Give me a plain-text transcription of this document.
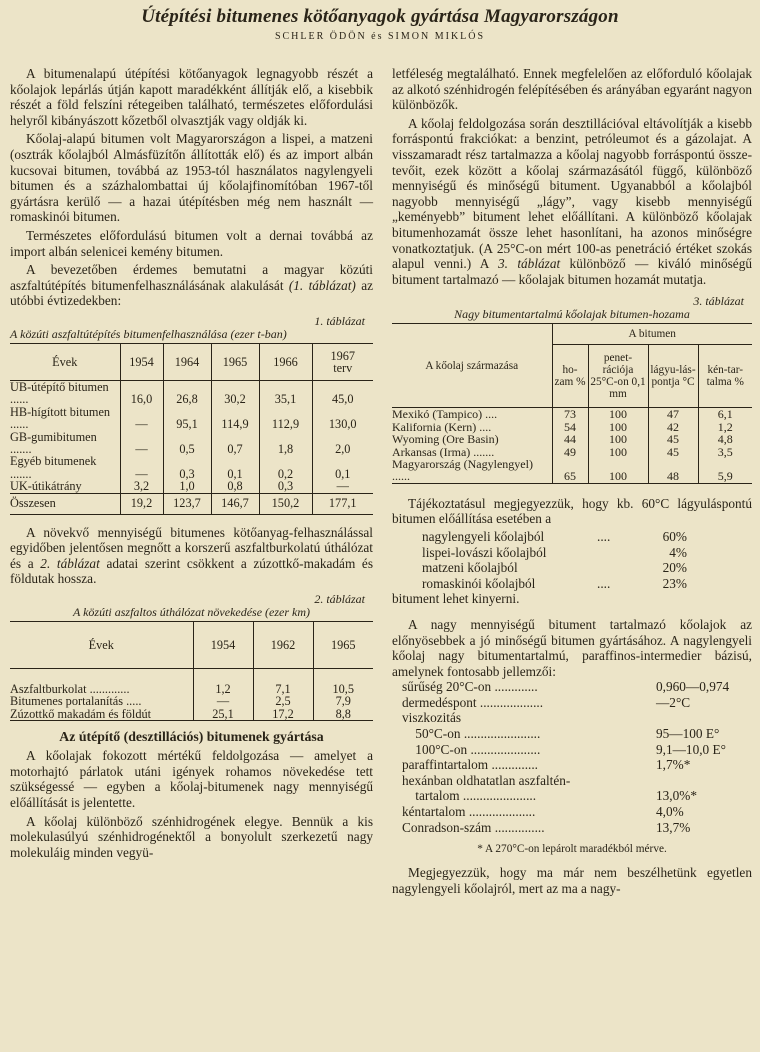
Útépítési bitumenes kötőanyagok gyártása Magyarországon
SCHLER ÖDÖN és SIMON MIKLÓS

A bitumenalapú útépítési kötőanyagok legnagyobb részét a kőolajok lepárlás útján kapott maradékként állítják elő, a kisebbik részét a föld felszíni rétegeiben található, természetes előfordulási helyről kibányászott kőzetből olvasztják vagy oldják ki.

Kőolaj-alapú bitumen volt Magyarországon a lispei, a matzeni (osztrák kőolajból Almásfüzítőn állították elő) és az import albán kucsovai bitumen, továbbá az 1953-tól használatos nagylengyeli bitumen és a százhalombattai új kőolajfinomítóban 1967-től gyártásra kerülő — a hazai útépítésben még nem használt — romaskinói bitumen.

Természetes előfordulású bitumen volt a dernai továbbá az import albán selenicei kemény bitumen.

A bevezetőben érdemes bemutatni a magyar közúti aszfaltútépítés bitumenfelhasználásának alakulását (1. táblázat) az utóbbi évtizedekben:

1. táblázat
A közúti aszfaltútépítés bitumenfelhasználása (ezer t-ban)
Évek	1954	1964	1965	1966	1967 terv
UB-útépítő bitumen ......	16,0	26,8	30,2	35,1	45,0
HB-hígított bitumen ......	—	95,1	114,9	112,9	130,0
GB-gumibitumen .......	—	0,5	0,7	1,8	2,0
Egyéb bitumenek .......	—	0,3	0,1	0,2	0,1
UK-útikátrány	3,2	1,0	0,8	0,3	—
Összesen	19,2	123,7	146,7	150,2	177,1

A növekvő mennyiségű bitumenes kötőanyag-felhasználással egyidőben jelentősen megnőtt a korszerű aszfaltburkolatú úthálózat és a 2. táblázat adatai szerint csökkent a zúzottkő-makadám és földutak hossza.

2. táblázat
A közúti aszfaltos úthálózat növekedése (ezer km)
Évek	1954	1962	1965
Aszfaltburkolat .............	1,2	7,1	10,5
Bitumenes portalanítás .....	—	2,5	7,9
Zúzottkő makadám és földút	25,1	17,2	8,8
Az útépítő (desztillációs) bitumenek gyártása

A kőolajak fokozott mértékű feldolgozása — amelyet a motorhajtó párlatok utáni igények rohamos növekedése tett szükségessé — egyben a kőolaj-bitumenek nagy mennyiségű előállítását is jelentette.

A kőolaj különböző szénhidrogének elegye. Bennük a kis molekulasúlyú szénhidrogénektől a bonyolult szerkezetű nagy molekuláig minden vegyü-

letféleség megtalálható. Ennek megfelelően az előforduló kőolajak az alkotó szénhidrogén felépítésében és arányában egyaránt nagyon különbözők.

A kőolaj feldolgozása során desztillációval eltávolítják a kisebb forráspontú frakciókat: a benzint, petróleumot és a gázolajat. A visszamaradt rész tartalmazza a kőolaj nagyobb forráspontú összetevőit, ezek között a kőolaj származásától függő, különböző mennyiségű és minőségű bitument. Ugyanabból a kőolajból nagyobb mennyiségű „lágy”, vagy kisebb mennyiségű „keményebb” bitument lehet előállítani. A különböző kőolajak bitumenhozamát össze lehet hasonlítani, ha azonos minőségre vonatkoztatjuk. (A 25°C-on mért 100-as penetráció értéket szokás alapul venni.) A 3. táblázat különböző — kiváló minőségű bitument tartalmazó — kőolajak bitumen hozamát mutatja.

3. táblázat
Nagy bitumentartalmú kőolajak bitumen-hozama
A kőolaj származása	A bitumen			
	ho-zam %	penet-rációja 25°C-on 0,1 mm	lágyu-lás-pontja °C	kén-tar-talma %
Mexikó (Tampico) ....	73	100	47	6,1
Kalifornia (Kern) ....	54	100	42	1,2
Wyoming (Ore Basin)	44	100	45	4,8
Arkansas (Irma) .......	49	100	45	3,5
Magyarország (Nagylengyel) ......	65	100	48	5,9

Tájékoztatásul megjegyezzük, hogy kb. 60°C lágyuláspontú bitumen előállítása esetében a

nagylengyeli kőolajból	....	60%
lispei-lovászi kőolajból		4%
matzeni kőolajból		20%
romaskinói kőolajból	....	23%

bitument lehet kinyerni.

A nagy mennyiségű bitument tartalmazó kőolajok az előnyösebbek a jó minőségű bitumen gyártásához. A nagylengyeli kőolaj nagy bitumentartalmú, paraffinos-intermedier bázisú, amelynek fontosabb jellemzői:

sűrűség 20°C-on .............	0,960—0,974
dermedéspont ...................	—2°C
viszkozitás	
50°C-on .......................	95—100 E°
100°C-on .....................	9,1—10,0 E°
paraffintartalom ..............	1,7%*
hexánban oldhatatlan aszfaltén-	
tartalom ......................	13,0%*
kéntartalom ....................	4,0%
Conradson-szám ...............	13,7%
* A 270°C-on lepárolt maradékból mérve.

Megjegyezzük, hogy ma már nem beszélhetünk egyetlen nagylengyeli kőolajról, mert az ma a nagy-
